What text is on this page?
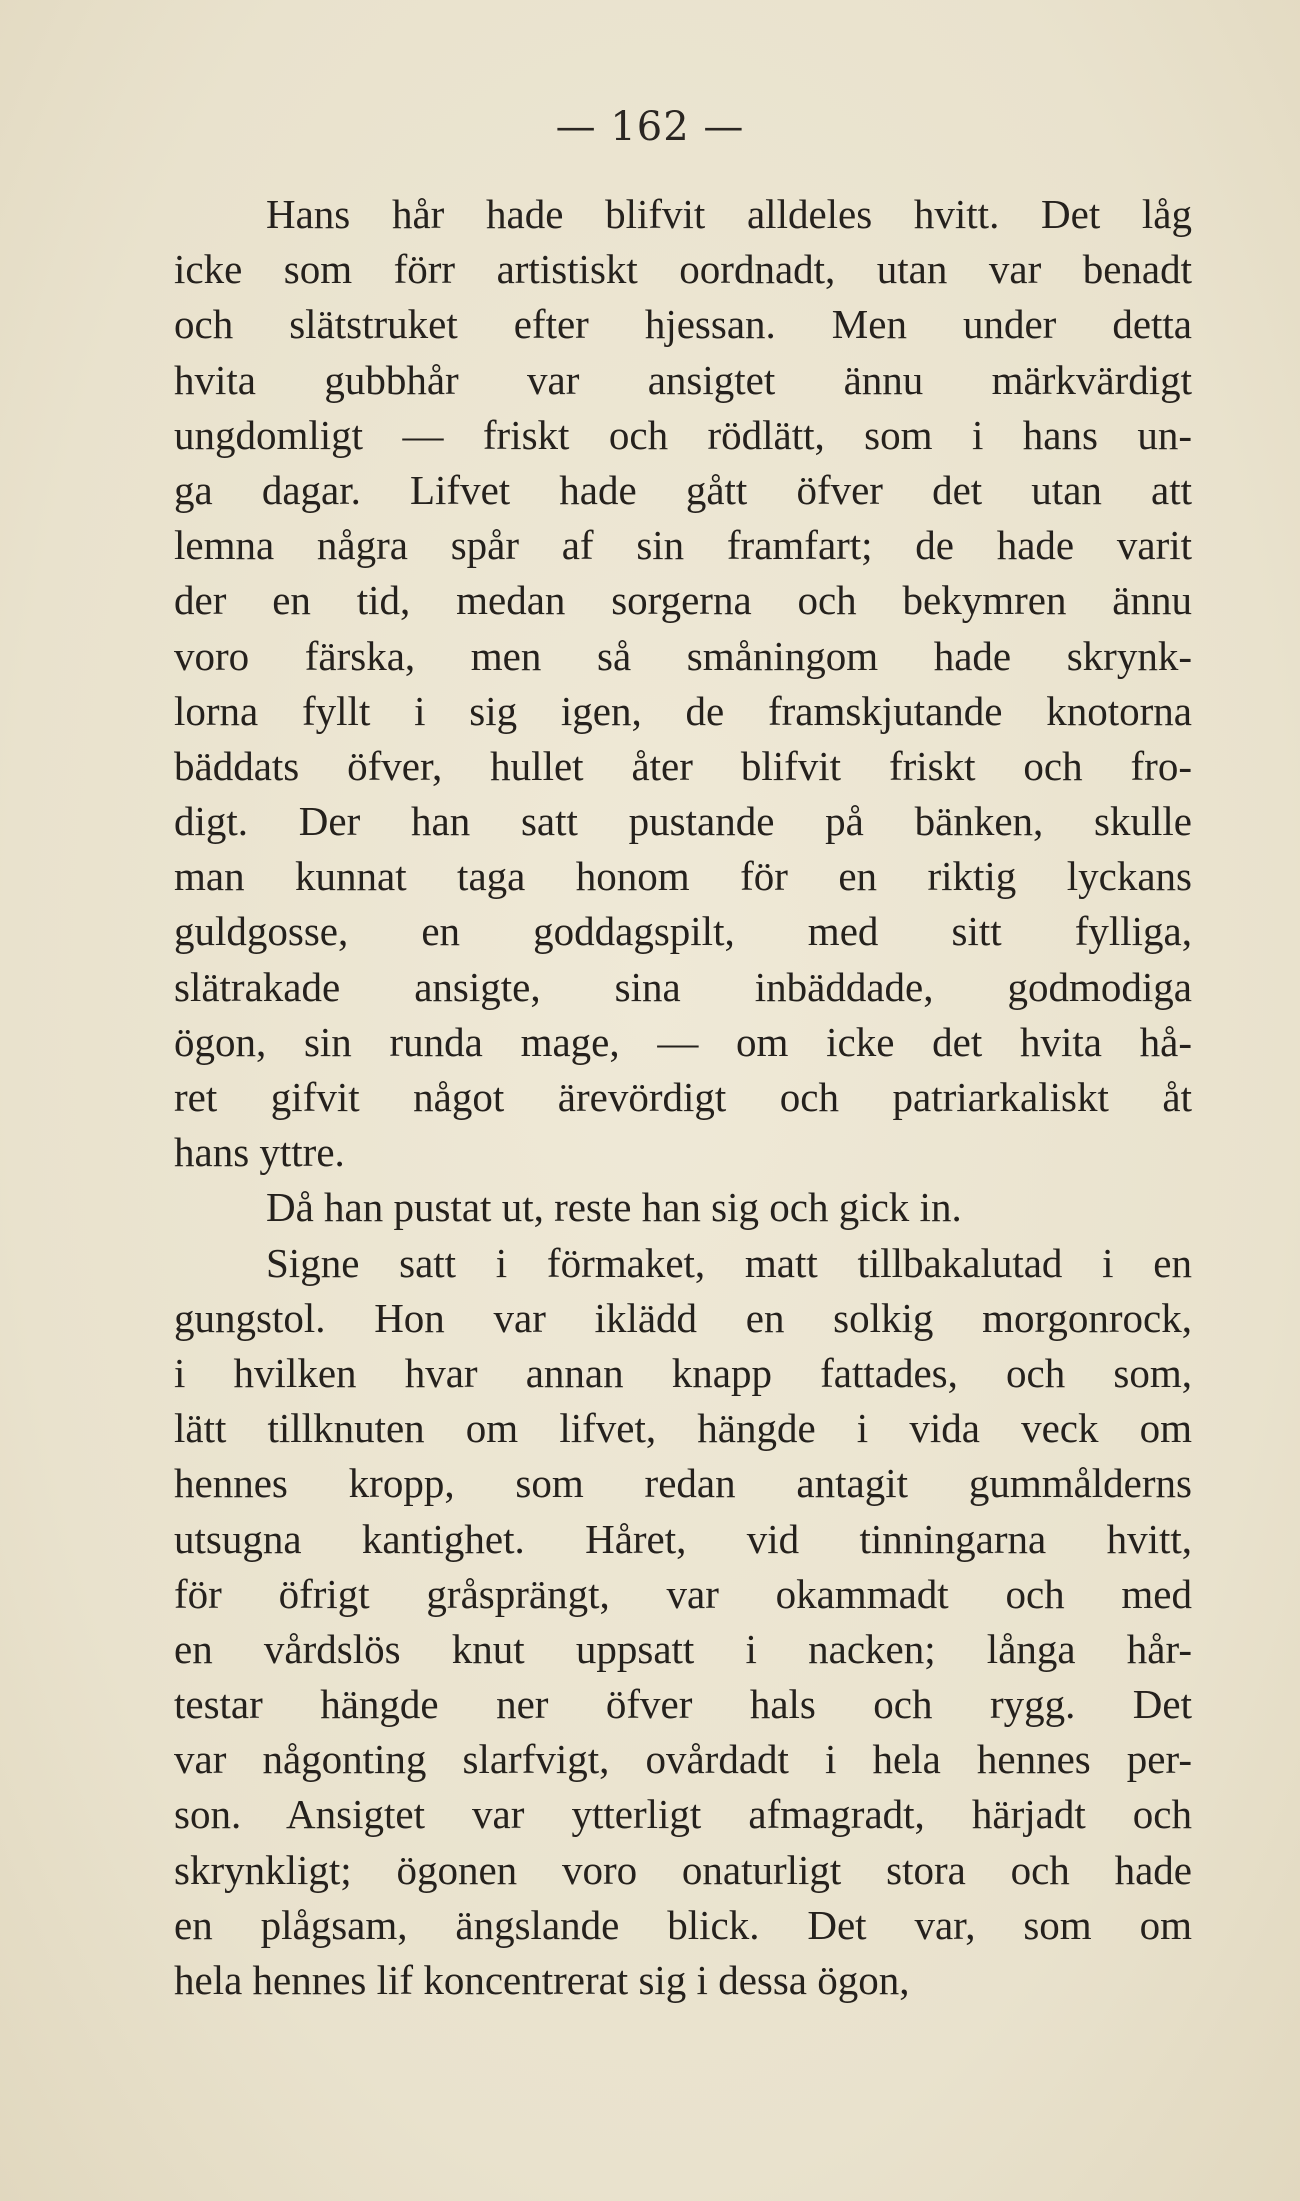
— 162 —
Hans hår hade blifvit alldeles hvitt. Det låg
icke som förr artistiskt oordnadt, utan var benadt
och slätstruket efter hjessan. Men under detta
hvita gubbhår var ansigtet ännu märkvärdigt
ungdomligt — friskt och rödlätt, som i hans un-
ga dagar. Lifvet hade gått öfver det utan att
lemna några spår af sin framfart; de hade varit
der en tid, medan sorgerna och bekymren ännu
voro färska, men så småningom hade skrynk-
lorna fyllt i sig igen, de framskjutande knotorna
bäddats öfver, hullet åter blifvit friskt och fro-
digt. Der han satt pustande på bänken, skulle
man kunnat taga honom för en riktig lyckans
guldgosse, en goddagspilt, med sitt fylliga,
slätrakade ansigte, sina inbäddade, godmodiga
ögon, sin runda mage, — om icke det hvita hå-
ret gifvit något ärevördigt och patriarkaliskt åt
hans yttre.
Då han pustat ut, reste han sig och gick in.
Signe satt i förmaket, matt tillbakalutad i en
gungstol. Hon var iklädd en solkig morgonrock,
i hvilken hvar annan knapp fattades, och som,
lätt tillknuten om lifvet, hängde i vida veck om
hennes kropp, som redan antagit gummålderns
utsugna kantighet. Håret, vid tinningarna hvitt,
för öfrigt gråsprängt, var okammadt och med
en vårdslös knut uppsatt i nacken; långa hår-
testar hängde ner öfver hals och rygg. Det
var någonting slarfvigt, ovårdadt i hela hennes per-
son. Ansigtet var ytterligt afmagradt, härjadt och
skrynkligt; ögonen voro onaturligt stora och hade
en plågsam, ängslande blick. Det var, som om
hela hennes lif koncentrerat sig i dessa ögon,
